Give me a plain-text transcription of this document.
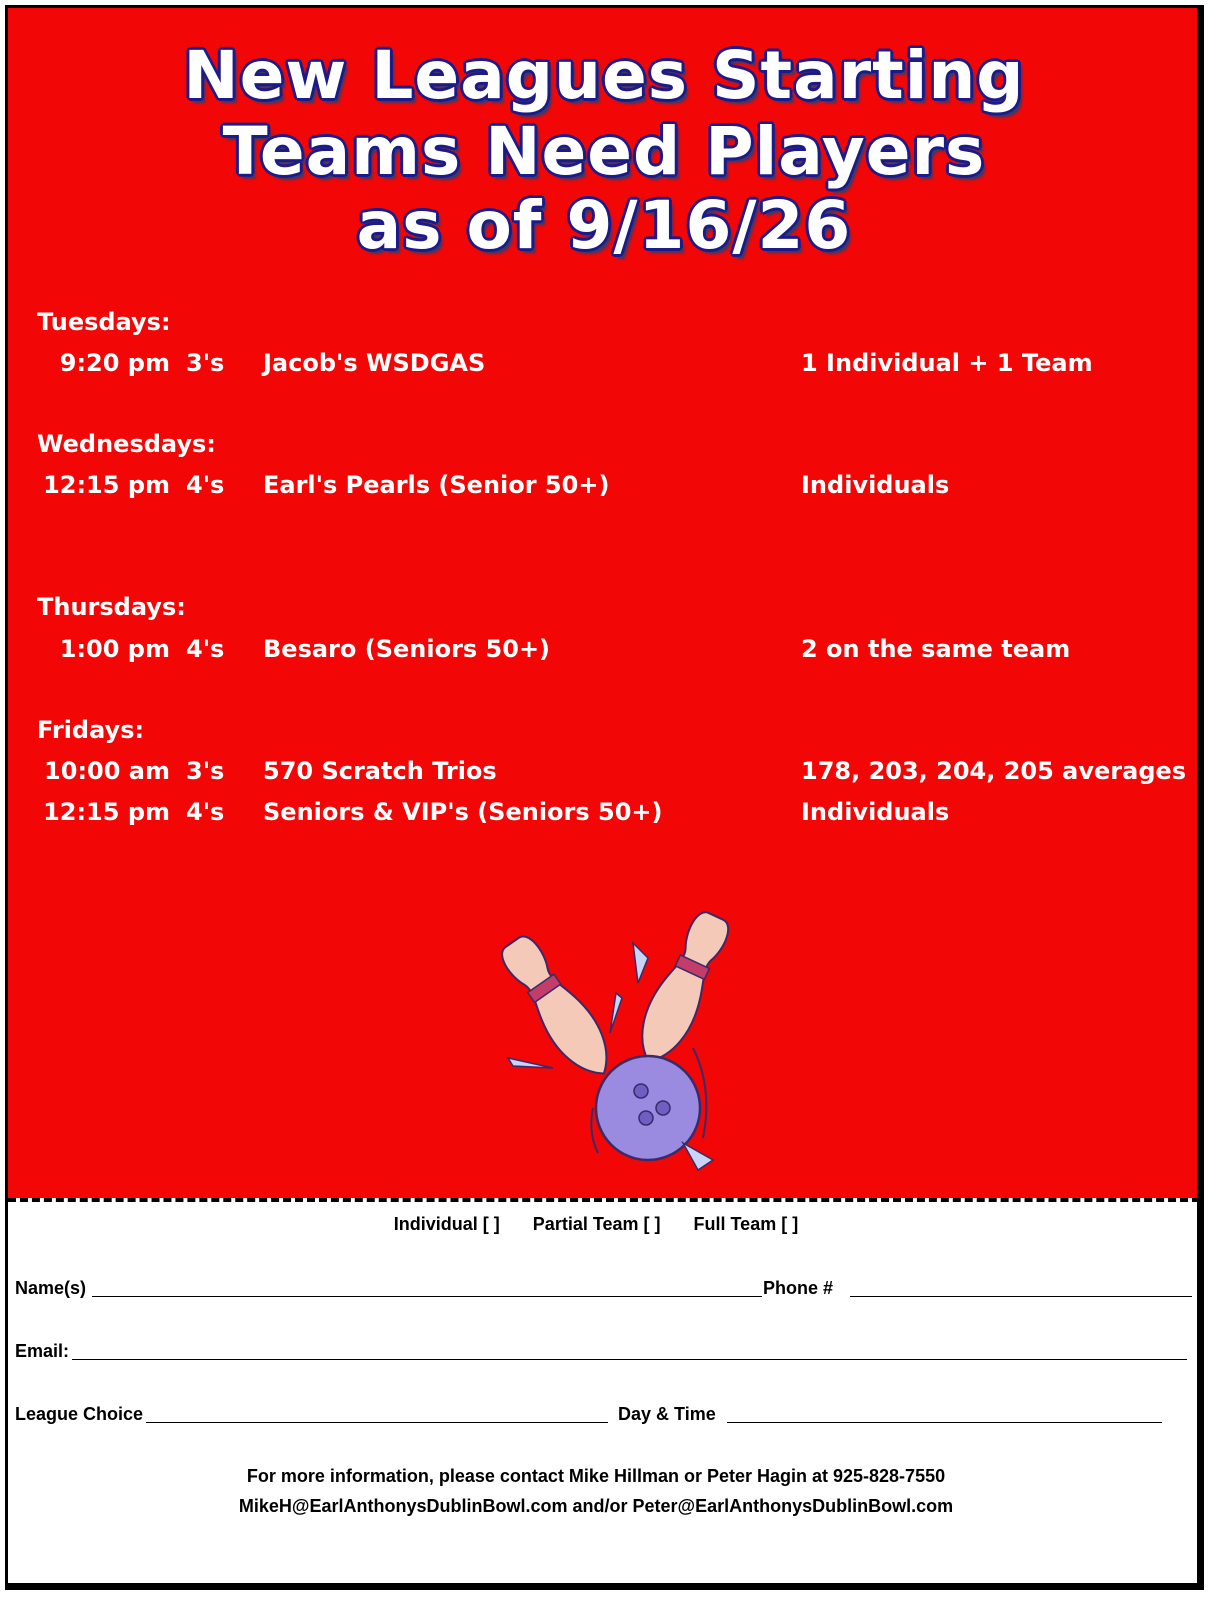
New Leagues Starting
Teams Need Players
as of 9/16/26
Tuesdays:
9:20 pm 3's Jacob's WSDGAS	1 Individual + 1 Team
Wednesdays:
12:15 pm 4's Earl's Pearls (Senior 50+)	Individuals
Thursdays:
1:00 pm 4's Besaro (Seniors 50+)	2 on the same team
Fridays:
10:00 am 3's 570 Scratch Trios	178, 203, 204, 205 averages
12:15 pm 4's Seniors & VIP's (Seniors 50+)	Individuals
Individual [ ] Partial Team [ ] Full Team [ ]
Name(s)	Phone #
Email:
League Choice	Day & Time
For more information, please contact Mike Hillman or Peter Hagin at 925-828-7550
MikeH@EarlAnthonysDublinBowl.com and/or Peter@EarlAnthonysDublinBowl.com
